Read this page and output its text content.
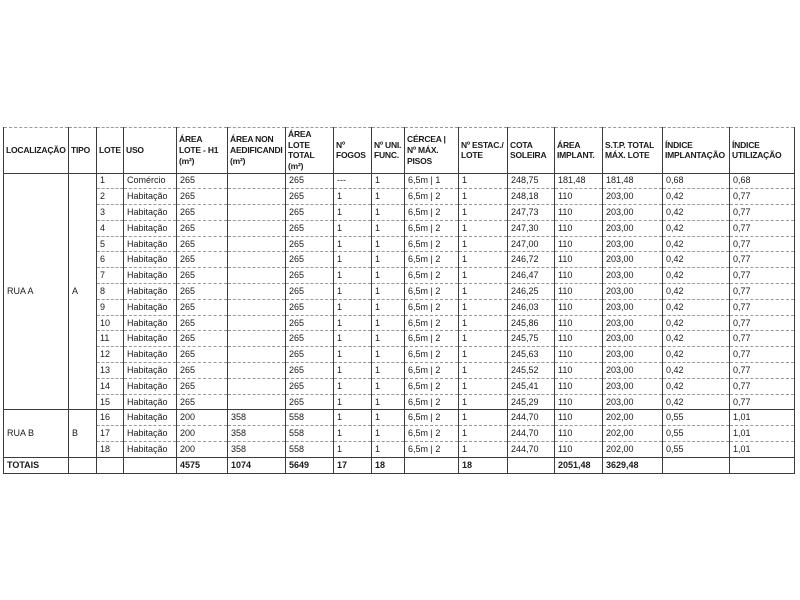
LOCALIZAÇÃO	TIPO	LOTE	USO	ÁREA LOTE - H1 (m²)	ÁREA NON AEDIFICANDI (m²)	ÁREA LOTE TOTAL (m²)	Nº FOGOS	Nº UNI. FUNC.	CÉRCEA | Nº MÁX. PISOS	Nº ESTAC./ LOTE	COTA SOLEIRA	ÁREA IMPLANT.	S.T.P. TOTAL MÁX. LOTE	ÍNDICE IMPLANTAÇÃO	ÍNDICE UTILIZAÇÃO
RUA A	A	1	Comércio	265		265	---	1	6,5m | 1	1	248,75	181,48	181,48	0,68	0,68
		2	Habitação	265		265	1	1	6,5m | 2	1	248,18	110	203,00	0,42	0,77
		3	Habitação	265		265	1	1	6,5m | 2	1	247,73	110	203,00	0,42	0,77
		4	Habitação	265		265	1	1	6,5m | 2	1	247,30	110	203,00	0,42	0,77
		5	Habitação	265		265	1	1	6,5m | 2	1	247,00	110	203,00	0,42	0,77
		6	Habitação	265		265	1	1	6,5m | 2	1	246,72	110	203,00	0,42	0,77
		7	Habitação	265		265	1	1	6,5m | 2	1	246,47	110	203,00	0,42	0,77
		8	Habitação	265		265	1	1	6,5m | 2	1	246,25	110	203,00	0,42	0,77
		9	Habitação	265		265	1	1	6,5m | 2	1	246,03	110	203,00	0,42	0,77
		10	Habitação	265		265	1	1	6,5m | 2	1	245,86	110	203,00	0,42	0,77
		11	Habitação	265		265	1	1	6,5m | 2	1	245,75	110	203,00	0,42	0,77
		12	Habitação	265		265	1	1	6,5m | 2	1	245,63	110	203,00	0,42	0,77
		13	Habitação	265		265	1	1	6,5m | 2	1	245,52	110	203,00	0,42	0,77
		14	Habitação	265		265	1	1	6,5m | 2	1	245,41	110	203,00	0,42	0,77
		15	Habitação	265		265	1	1	6,5m | 2	1	245,29	110	203,00	0,42	0,77
RUA B	B	16	Habitação	200	358	558	1	1	6,5m | 2	1	244,70	110	202,00	0,55	1,01
		17	Habitação	200	358	558	1	1	6,5m | 2	1	244,70	110	202,00	0,55	1,01
		18	Habitação	200	358	558	1	1	6,5m | 2	1	244,70	110	202,00	0,55	1,01
TOTAIS				4575	1074	5649	17	18		18		2051,48	3629,48		
